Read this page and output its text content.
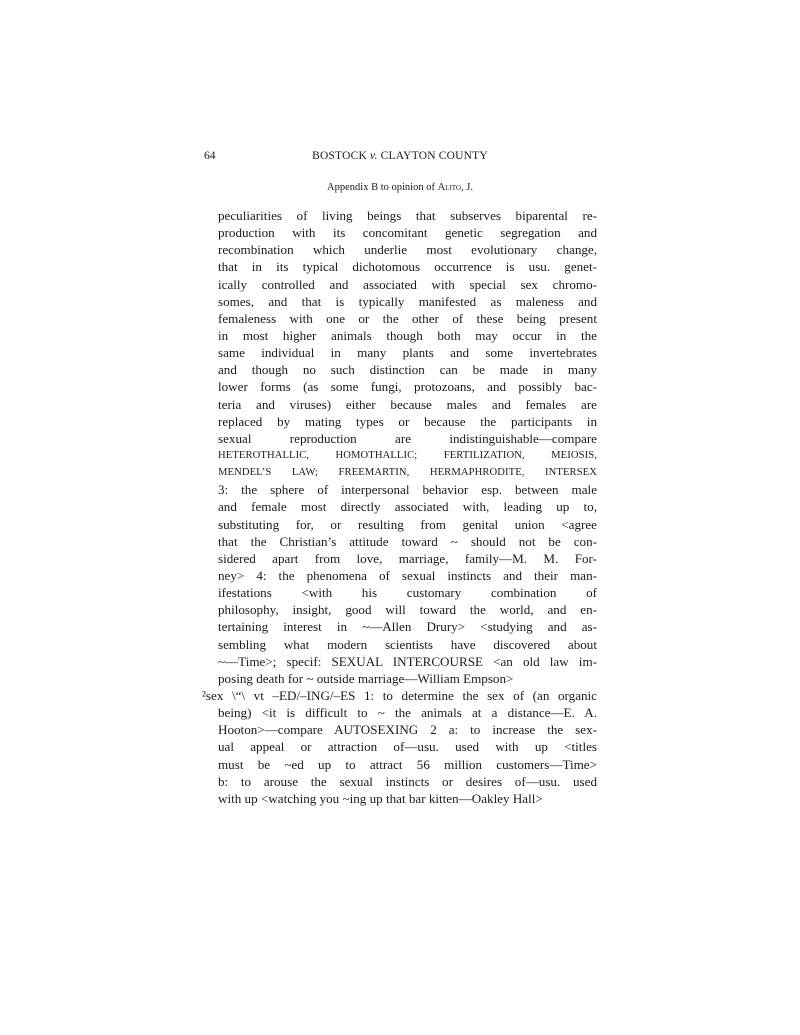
64	BOSTOCK v. CLAYTON COUNTY
Appendix B to opinion of Alito, J.
peculiarities of living beings that subserves biparental re-
production with its concomitant genetic segregation and
recombination which underlie most evolutionary change,
that in its typical dichotomous occurrence is usu. genet-
ically controlled and associated with special sex chromo-
somes, and that is typically manifested as maleness and
femaleness with one or the other of these being present
in most higher animals though both may occur in the
same individual in many plants and some invertebrates
and though no such distinction can be made in many
lower forms (as some fungi, protozoans, and possibly bac-
teria and viruses) either because males and females are
replaced by mating types or because the participants in
sexual reproduction are indistinguishable—compare
HETEROTHALLIC, HOMOTHALLIC; FERTILIZATION, MEIOSIS,
MENDEL’S LAW; FREEMARTIN, HERMAPHRODITE, INTERSEX
3: the sphere of interpersonal behavior esp. between male
and female most directly associated with, leading up to,
substituting for, or resulting from genital union <agree
that the Christian’s attitude toward ~ should not be con-
sidered apart from love, marriage, family—M. M. For-
ney> 4: the phenomena of sexual instincts and their man-
ifestations <with his customary combination of
philosophy, insight, good will toward the world, and en-
tertaining interest in ~—Allen Drury> <studying and as-
sembling what modern scientists have discovered about
~—Time>; specif: SEXUAL INTERCOURSE <an old law im-
posing death for ~ outside marriage—William Empson>
²sex \“\ vt –ED/–ING/–ES 1: to determine the sex of (an organic
being) <it is difficult to ~ the animals at a distance—E. A.
Hooton>—compare AUTOSEXING 2 a: to increase the sex-
ual appeal or attraction of—usu. used with up <titles
must be ~ed up to attract 56 million customers—Time>
b: to arouse the sexual instincts or desires of—usu. used
with up <watching you ~ing up that bar kitten—Oakley Hall>
